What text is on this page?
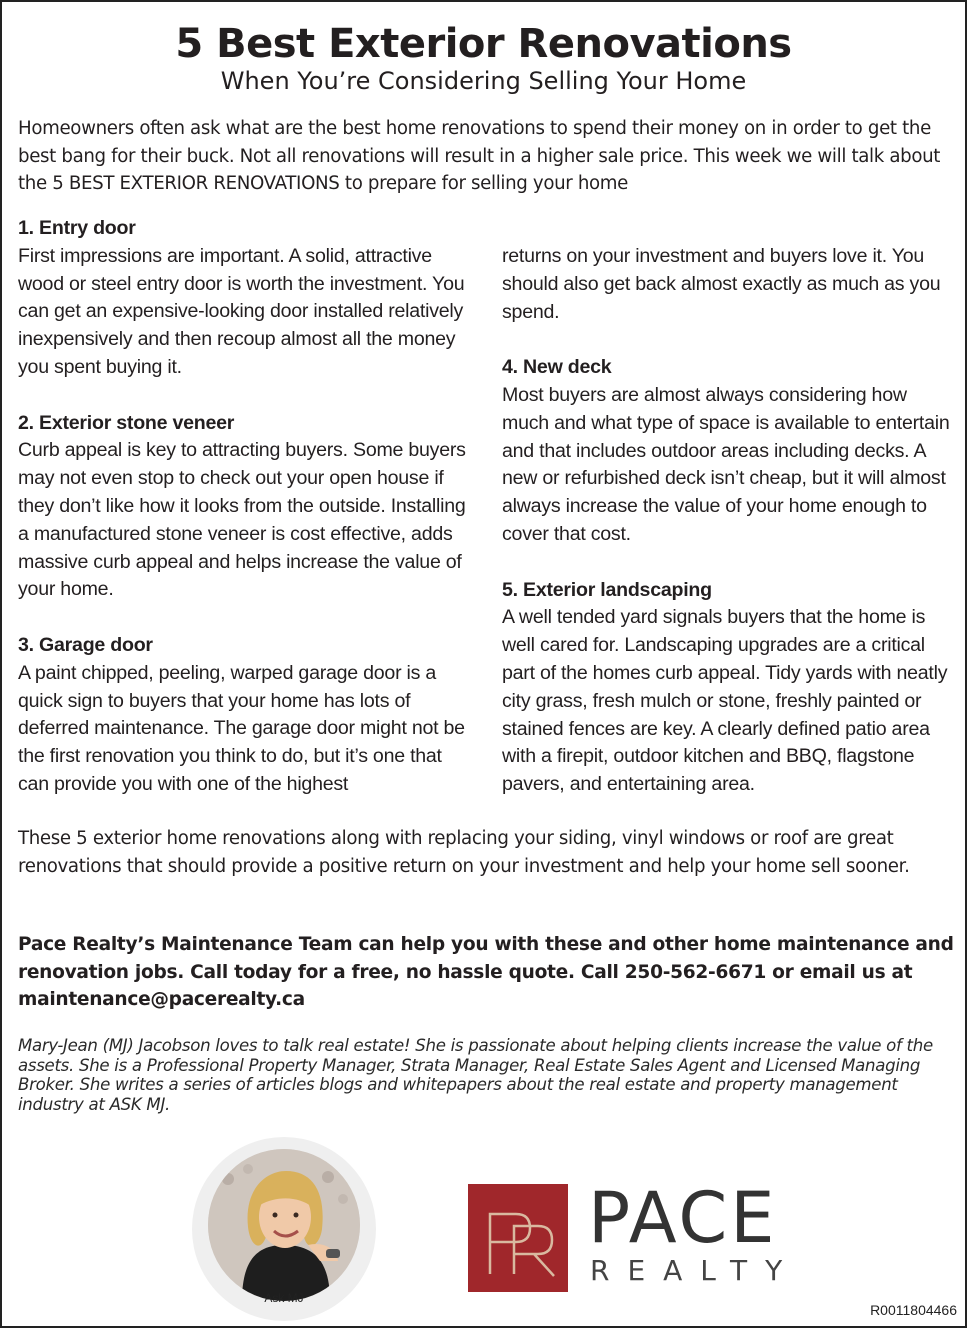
5 Best Exterior Renovations
When You’re Considering Selling Your Home
Homeowners often ask what are the best home renovations to spend their money on in order to get the best bang for their buck. Not all renovations will result in a higher sale price. This week we will talk about the 5 BEST EXTERIOR RENOVATIONS to prepare for selling your home
1. Entry door
First impressions are important. A solid, attractive wood or steel entry door is worth the investment. You can get an expensive-looking door installed relatively inexpensively and then recoup almost all the money you spent buying it.
2. Exterior stone veneer
Curb appeal is key to attracting buyers. Some buyers may not even stop to check out your open house if they don’t like how it looks from the outside. Installing a manufactured stone veneer is cost effective, adds massive curb appeal and helps increase the value of your home.
3. Garage door
A paint chipped, peeling, warped garage door is a quick sign to buyers that your home has lots of deferred maintenance. The garage door might not be the first renovation you think to do, but it’s one that can provide you with one of the highest
returns on your investment and buyers love it. You should also get back almost exactly as much as you spend.
4. New deck
Most buyers are almost always considering how much and what type of space is available to entertain and that includes outdoor areas including decks. A new or refurbished deck isn’t cheap, but it will almost always increase the value of your home enough to cover that cost.
5. Exterior landscaping
A well tended yard signals buyers that the home is well cared for. Landscaping upgrades are a critical part of the homes curb appeal. Tidy yards with neatly city grass, fresh mulch or stone, freshly painted or stained fences are key. A clearly defined patio area with a firepit, outdoor kitchen and BBQ, flagstone pavers, and entertaining area.
These 5 exterior home renovations along with replacing your siding, vinyl windows or roof are great renovations that should provide a positive return on your investment and help your home sell sooner.
Pace Realty’s Maintenance Team can help you with these and other home maintenance and renovation jobs. Call today for a free, no hassle quote. Call 250-562-6671 or email us at maintenance@pacerealty.ca
Mary-Jean (MJ) Jacobson loves to talk real estate! She is passionate about helping clients increase the value of the assets. She is a Professional Property Manager, Strata Manager, Real Estate Sales Agent and Licensed Managing Broker. She writes a series of articles blogs and whitepapers about the real estate and property management industry at ASK MJ.
Ask MJ
PACE
REALTY
R0011804466
